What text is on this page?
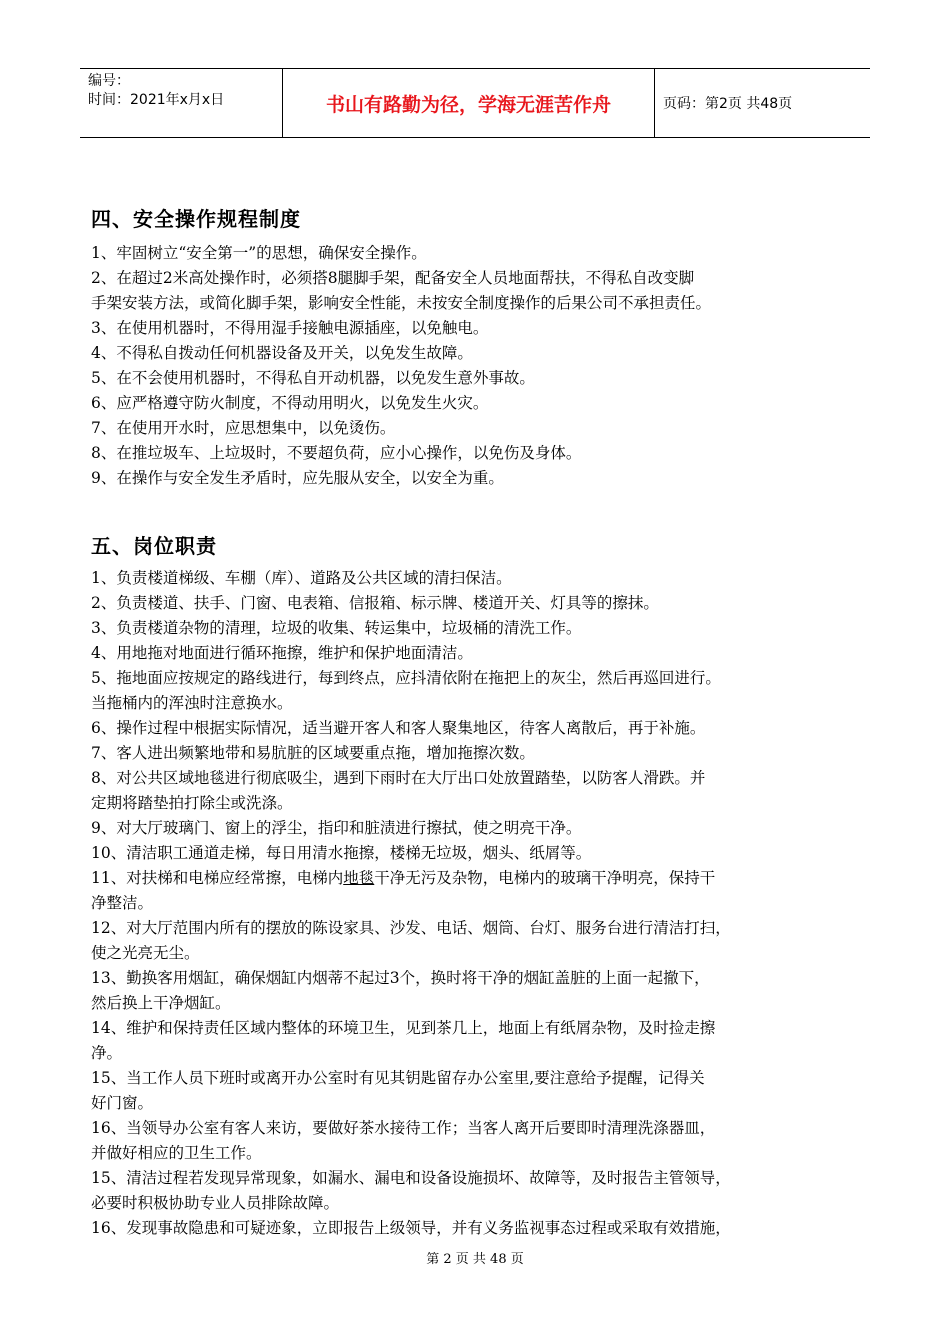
编号：
时间：2021年x月x日	书山有路勤为径，学海无涯苦作舟	页码：第2页 共48页
四、安全操作规程制度
1、牢固树立“安全第一”的思想，确保安全操作。
2、在超过2米高处操作时，必须搭8腿脚手架，配备安全人员地面帮扶，不得私自改变脚
手架安装方法，或简化脚手架，影响安全性能，未按安全制度操作的后果公司不承担责任。
3、在使用机器时，不得用湿手接触电源插座，以免触电。
4、不得私自拨动任何机器设备及开关，以免发生故障。
5、在不会使用机器时，不得私自开动机器，以免发生意外事故。
6、应严格遵守防火制度，不得动用明火，以免发生火灾。
7、在使用开水时，应思想集中，以免烫伤。
8、在推垃圾车、上垃圾时，不要超负荷，应小心操作，以免伤及身体。
9、在操作与安全发生矛盾时，应先服从安全，以安全为重。
五、岗位职责
1、负责楼道梯级、车棚（库）、道路及公共区域的清扫保洁。
2、负责楼道、扶手、门窗、电表箱、信报箱、标示牌、楼道开关、灯具等的擦抹。
3、负责楼道杂物的清理，垃圾的收集、转运集中，垃圾桶的清洗工作。
4、用地拖对地面进行循环拖擦，维护和保护地面清洁。
5、拖地面应按规定的路线进行，每到终点，应抖清依附在拖把上的灰尘，然后再巡回进行。
当拖桶内的浑浊时注意换水。
6、操作过程中根据实际情况，适当避开客人和客人聚集地区，待客人离散后，再于补施。
7、客人进出频繁地带和易肮脏的区域要重点拖，增加拖擦次数。
8、对公共区域地毯进行彻底吸尘，遇到下雨时在大厅出口处放置踏垫，以防客人滑跌。并
定期将踏垫拍打除尘或洗涤。
9、对大厅玻璃门、窗上的浮尘，指印和脏渍进行擦拭，使之明亮干净。
10、清洁职工通道走梯，每日用清水拖擦，楼梯无垃圾，烟头、纸屑等。
11、对扶梯和电梯应经常擦，电梯内地毯干净无污及杂物，电梯内的玻璃干净明亮，保持干
净整洁。
12、对大厅范围内所有的摆放的陈设家具、沙发、电话、烟筒、台灯、服务台进行清洁打扫，
使之光亮无尘。
13、勤换客用烟缸，确保烟缸内烟蒂不起过3个，换时将干净的烟缸盖脏的上面一起撤下，
然后换上干净烟缸。
14、维护和保持责任区域内整体的环境卫生，见到茶几上，地面上有纸屑杂物，及时捡走擦
净。
15、当工作人员下班时或离开办公室时有见其钥匙留存办公室里,要注意给予提醒，记得关
好门窗。
16、当领导办公室有客人来访，要做好茶水接待工作；当客人离开后要即时清理洗涤器皿，
并做好相应的卫生工作。
15、清洁过程若发现异常现象，如漏水、漏电和设备设施损坏、故障等，及时报告主管领导，
必要时积极协助专业人员排除故障。
16、发现事故隐患和可疑迹象，立即报告上级领导，并有义务监视事态过程或采取有效措施，
第 2 页 共 48 页
